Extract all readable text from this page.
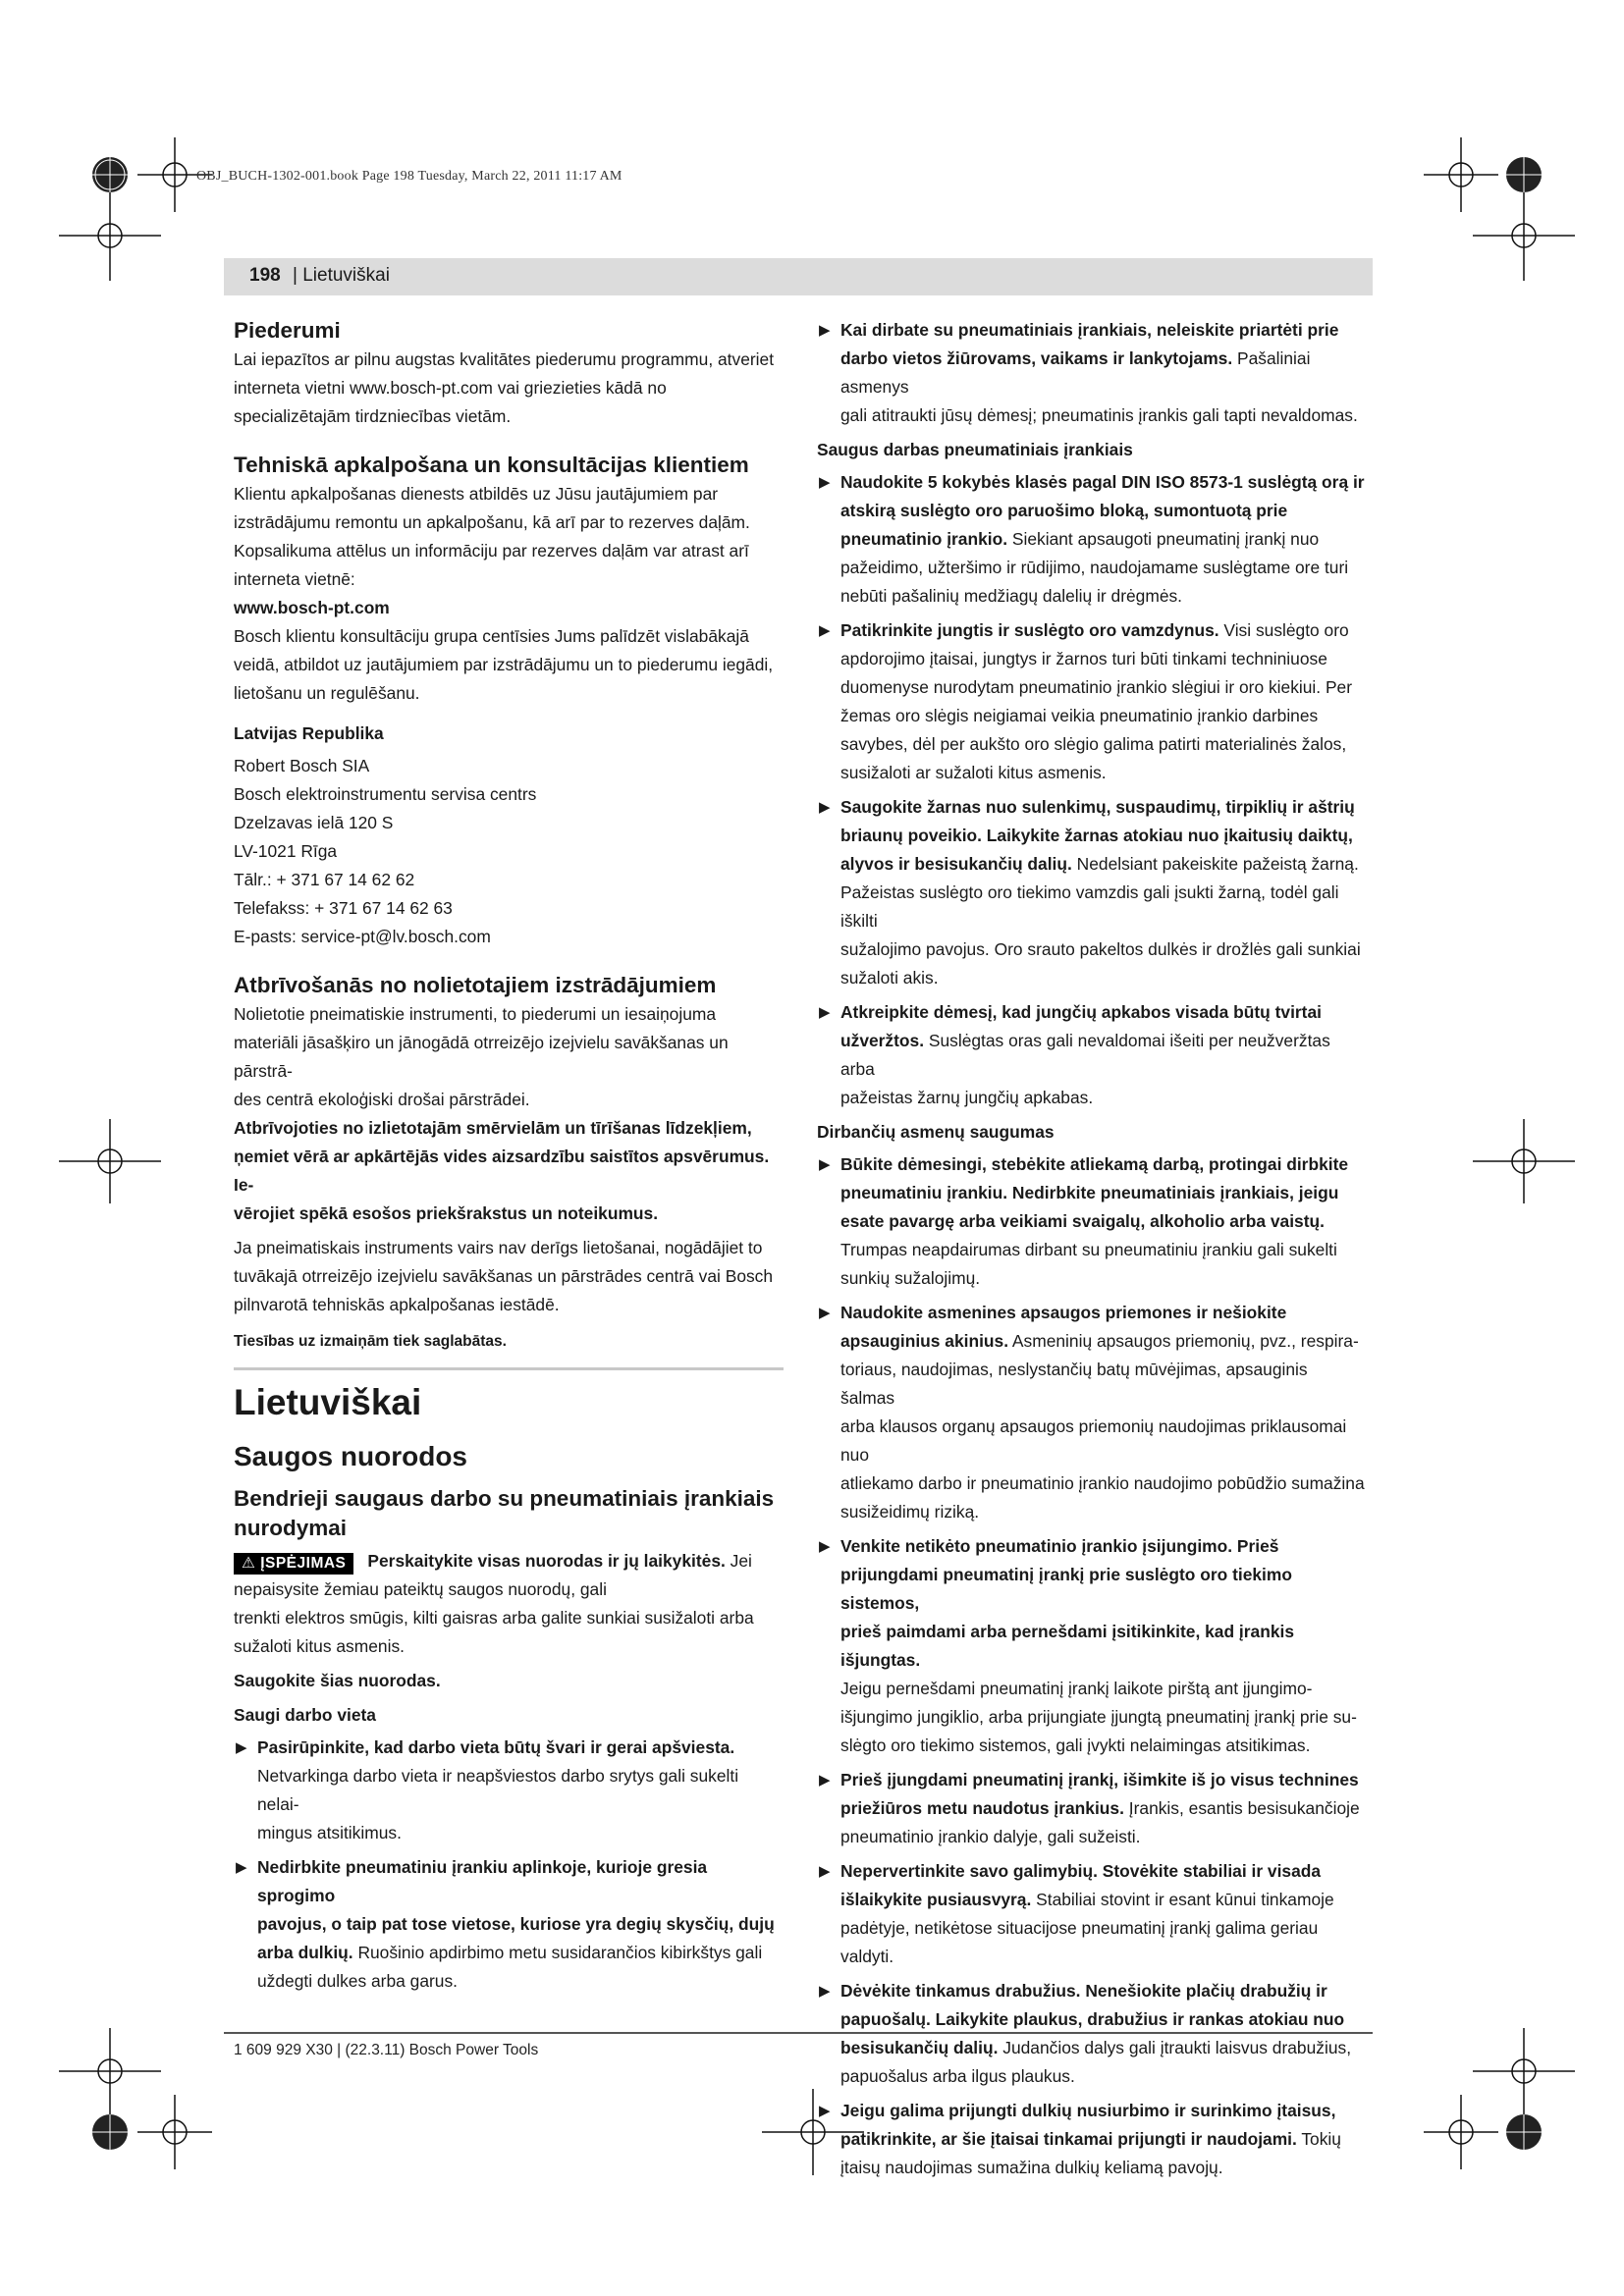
OBJ_BUCH-1302-001.book Page 198 Tuesday, March 22, 2011 11:17 AM
198 | Lietuviškai

Piederumi

Lai iepazītos ar pilnu augstas kvalitātes piederumu programmu, atveriet

interneta vietni www.bosch-pt.com vai griezieties kādā no

specializētajām tirdzniecības vietām.

Tehniskā apkalpošana un konsultācijas klientiem

Klientu apkalpošanas dienests atbildēs uz Jūsu jautājumiem par

izstrādājumu remontu un apkalpošanu, kā arī par to rezerves daļām.

Kopsalikuma attēlus un informāciju par rezerves daļām var atrast arī

interneta vietnē:

www.bosch-pt.com

Bosch klientu konsultāciju grupa centīsies Jums palīdzēt vislabākajā

veidā, atbildot uz jautājumiem par izstrādājumu un to piederumu iegādi,

lietošanu un regulēšanu.

Latvijas Republika

Robert Bosch SIA

Bosch elektroinstrumentu servisa centrs

Dzelzavas ielā 120 S

LV-1021 Rīga

Tālr.: + 371 67 14 62 62

Telefakss: + 371 67 14 62 63

E-pasts: service-pt@lv.bosch.com

Atbrīvošanās no nolietotajiem izstrādājumiem

Nolietotie pneimatiskie instrumenti, to piederumi un iesaiņojuma

materiāli jāsašķiro un jānogādā otrreizējo izejvielu savākšanas un pārstrā-

des centrā ekoloģiski drošai pārstrādei.

Atbrīvojoties no izlietotajām smērvielām un tīrīšanas līdzekļiem,

ņemiet vērā ar apkārtējās vides aizsardzību saistītos apsvērumus. Ie-

vērojiet spēkā esošos priekšrakstus un noteikumus.

Ja pneimatiskais instruments vairs nav derīgs lietošanai, nogādājiet to

tuvākajā otrreizējo izejvielu savākšanas un pārstrādes centrā vai Bosch

pilnvarotā tehniskās apkalpošanas iestādē.

Tiesības uz izmaiņām tiek saglabātas.

Lietuviškai

Saugos nuorodos

Bendrieji saugaus darbo su pneumatiniais įrankiais

nurodymai

⚠ ĮSPĖJIMAS	Perskaitykite visas nuorodas ir jų laikykitės. Jei

nepaisysite žemiau pateiktų saugos nuorodų, gali

trenkti elektros smūgis, kilti gaisras arba galite sunkiai susižaloti arba

sužaloti kitus asmenis.

Saugokite šias nuorodas.

Saugi darbo vieta

▶ Pasirūpinkite, kad darbo vieta būtų švari ir gerai apšviesta.

Netvarkinga darbo vieta ir neapšviestos darbo srytys gali sukelti nelai-

mingus atsitikimus.

▶ Nedirbkite pneumatiniu įrankiu aplinkoje, kurioje gresia sprogimo

pavojus, o taip pat tose vietose, kuriose yra degių skysčių, dujų

arba dulkių. Ruošinio apdirbimo metu susidarančios kibirkštys gali

uždegti dulkes arba garus.

▶ Kai dirbate su pneumatiniais įrankiais, neleiskite priartėti prie

darbo vietos žiūrovams, vaikams ir lankytojams. Pašaliniai asmenys

gali atitraukti jūsų dėmesį; pneumatinis įrankis gali tapti nevaldomas.

Saugus darbas pneumatiniais įrankiais

▶ Naudokite 5 kokybės klasės pagal DIN ISO 8573-1 suslėgtą orą ir

atskirą suslėgto oro paruošimo bloką, sumontuotą prie

pneumatinio įrankio. Siekiant apsaugoti pneumatinį įrankį nuo

pažeidimo, užteršimo ir rūdijimo, naudojamame suslėgtame ore turi

nebūti pašalinių medžiagų dalelių ir drėgmės.

▶ Patikrinkite jungtis ir suslėgto oro vamzdynus. Visi suslėgto oro

apdorojimo įtaisai, jungtys ir žarnos turi būti tinkami techniniuose

duomenyse nurodytam pneumatinio įrankio slėgiui ir oro kiekiui. Per

žemas oro slėgis neigiamai veikia pneumatinio įrankio darbines

savybes, dėl per aukšto oro slėgio galima patirti materialinės žalos,

susižaloti ar sužaloti kitus asmenis.

▶ Saugokite žarnas nuo sulenkimų, suspaudimų, tirpiklių ir aštrių

briaunų poveikio. Laikykite žarnas atokiau nuo įkaitusių daiktų,

alyvos ir besisukančių dalių. Nedelsiant pakeiskite pažeistą žarną.

Pažeistas suslėgto oro tiekimo vamzdis gali įsukti žarną, todėl gali iškilti

sužalojimo pavojus. Oro srauto pakeltos dulkės ir drožlės gali sunkiai

sužaloti akis.

▶ Atkreipkite dėmesį, kad jungčių apkabos visada būtų tvirtai

užveržtos. Suslėgtas oras gali nevaldomai išeiti per neužveržtas arba

pažeistas žarnų jungčių apkabas.

Dirbančių asmenų saugumas

▶ Būkite dėmesingi, stebėkite atliekamą darbą, protingai dirbkite

pneumatiniu įrankiu. Nedirbkite pneumatiniais įrankiais, jeigu

esate pavargę arba veikiami svaigalų, alkoholio arba vaistų.

Trumpas neapdairumas dirbant su pneumatiniu įrankiu gali sukelti

sunkių sužalojimų.

▶ Naudokite asmenines apsaugos priemones ir nešiokite

apsauginius akinius. Asmeninių apsaugos priemonių, pvz., respira-

toriaus, naudojimas, neslystančių batų mūvėjimas, apsauginis šalmas

arba klausos organų apsaugos priemonių naudojimas priklausomai nuo

atliekamo darbo ir pneumatinio įrankio naudojimo pobūdžio sumažina

susižeidimų riziką.

▶ Venkite netikėto pneumatinio įrankio įsijungimo. Prieš

prijungdami pneumatinį įrankį prie suslėgto oro tiekimo sistemos,

prieš paimdami arba pernešdami įsitikinkite, kad įrankis išjungtas.

Jeigu pernešdami pneumatinį įrankį laikote pirštą ant įjungimo-

išjungimo jungiklio, arba prijungiate įjungtą pneumatinį įrankį prie su-

slėgto oro tiekimo sistemos, gali įvykti nelaimingas atsitikimas.

▶ Prieš įjungdami pneumatinį įrankį, išimkite iš jo visus technines

priežiūros metu naudotus įrankius. Įrankis, esantis besisukančioje

pneumatinio įrankio dalyje, gali sužeisti.

▶ Nepervertinkite savo galimybių. Stovėkite stabiliai ir visada

išlaikykite pusiausvyrą. Stabiliai stovint ir esant kūnui tinkamoje

padėtyje, netikėtose situacijose pneumatinį įrankį galima geriau

valdyti.

▶ Dėvėkite tinkamus drabužius. Nenešiokite plačių drabužių ir

papuošalų. Laikykite plaukus, drabužius ir rankas atokiau nuo

besisukančių dalių. Judančios dalys gali įtraukti laisvus drabužius,

papuošalus arba ilgus plaukus.

▶ Jeigu galima prijungti dulkių nusiurbimo ir surinkimo įtaisus,

patikrinkite, ar šie įtaisai tinkamai prijungti ir naudojami. Tokių

įtaisų naudojimas sumažina dulkių keliamą pavojų.

1 609 929 X30 | (22.3.11) Bosch Power Tools
